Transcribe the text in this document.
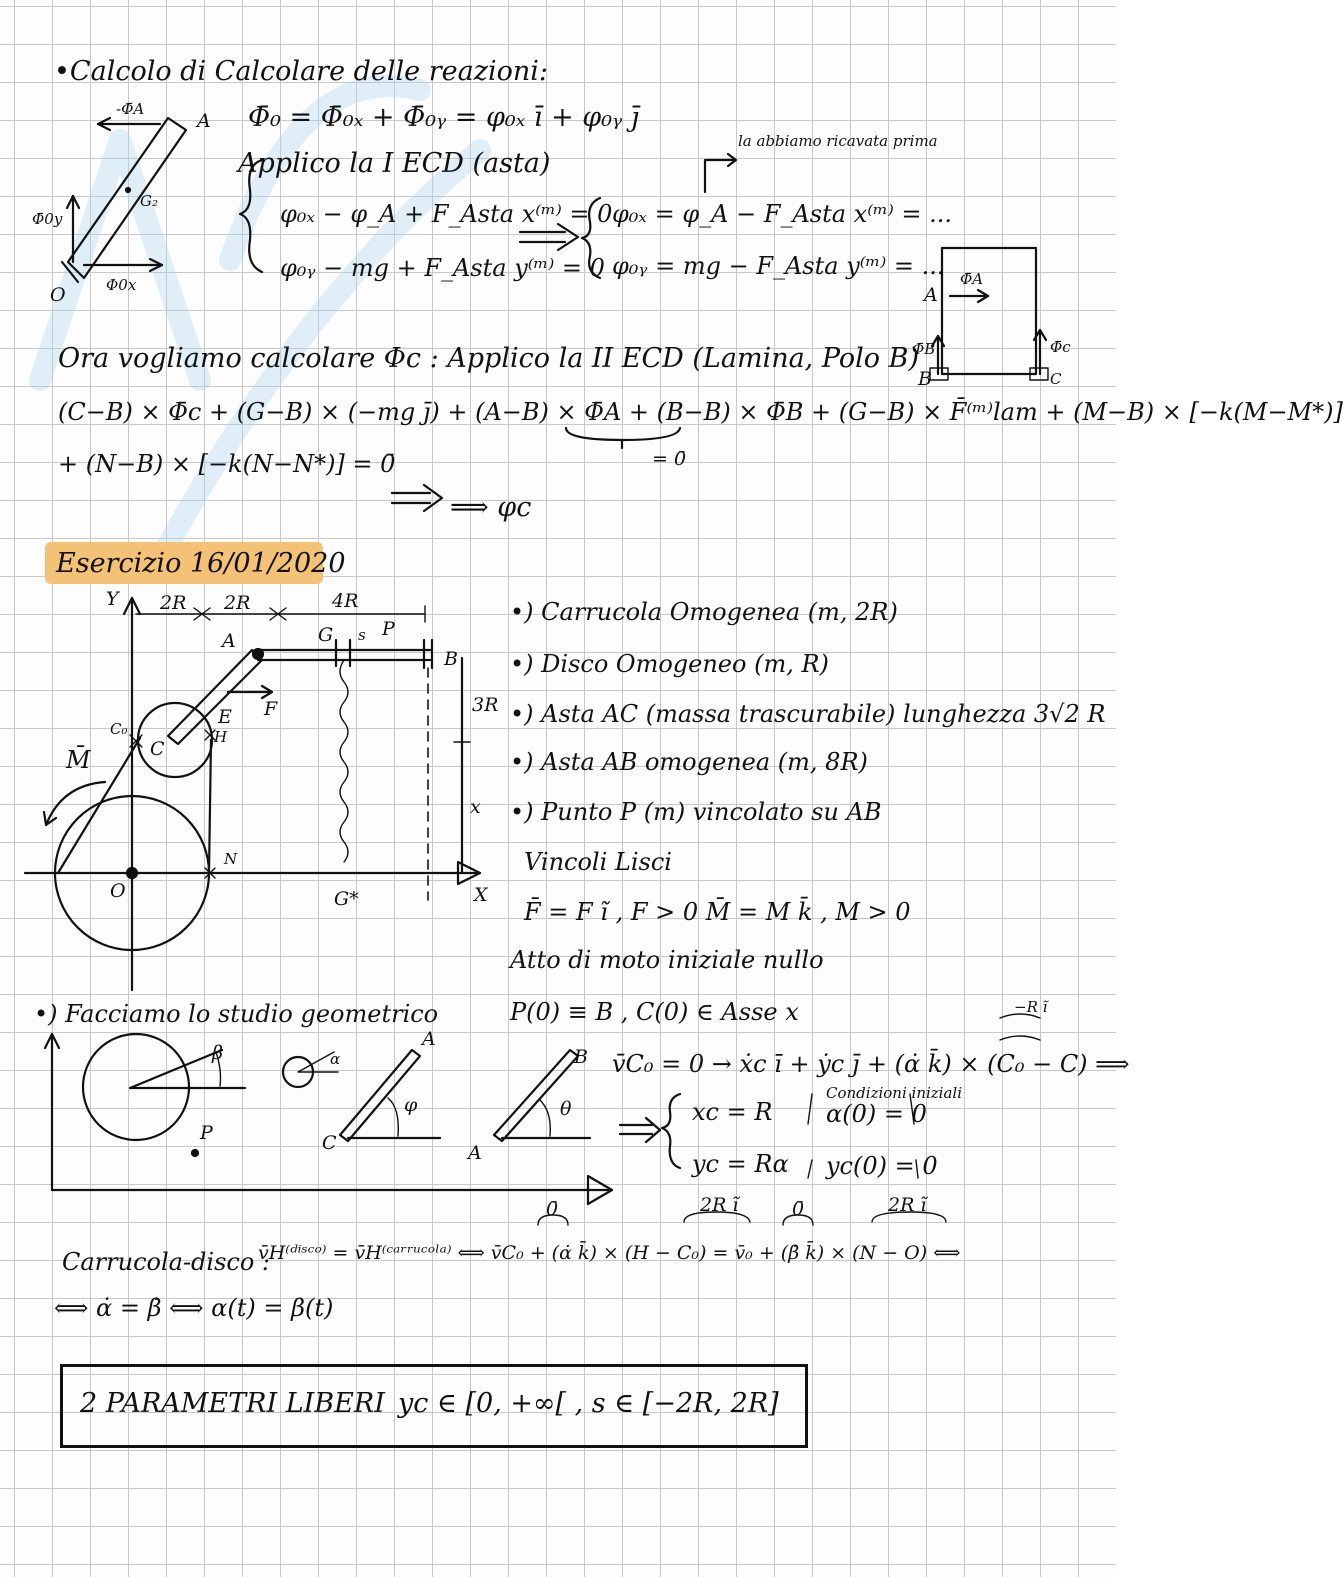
•Calcolo di Calcolare delle reazioni:
Φ̄₀ = Φ̄₀ₓ + Φ̄₀ᵧ = φ₀ₓ ī + φ₀ᵧ j̄
Applico la I ECD (asta)
φ₀ₓ − φ_A + F_Asta x⁽ᵐ⁾ = 0
φ₀ᵧ − mg + F_Asta y⁽ᵐ⁾ = 0
φ₀ₓ = φ_A − F_Asta x⁽ᵐ⁾ = ...
φ₀ᵧ = mg − F_Asta y⁽ᵐ⁾ = ...
la abbiamo ricavata prima
A
O
G₂
-Φ̄A
Φ̄0y
Φ0x	A
Φ̄A
B	C
Φ̄B	Φ̄c
Ora vogliamo calcolare Φc : Applico la II ECD (Lamina, Polo B)
(C−B) × Φ̄c + (G−B) × (−mg j̄) + (A−B) × Φ̄A + (B−B) × Φ̄B + (G−B) × F̄⁽ᵐ⁾lam + (M−B) × [−k(M−M*)]
+ (N−B) × [−k(N−N*)] = 0̄	= 0̄
⟹ φc
Esercizio 16/01/2020
Y
X
O
C
C₀	H
N
A
E F
G	P
s
B
G*
M̄
2R 2R	4R
3R
x
•) Carrucola Omogenea (m, 2R)
•) Disco Omogeneo (m, R)
•) Asta AC (massa trascurabile) lunghezza 3√2 R
•) Asta AB omogenea (m, 8R)
•) Punto P (m) vincolato su AB
Vincoli Lisci
F̄ = F ĩ , F > 0 M̄ = M k̄ , M > 0
Atto di moto iniziale nullo
P(0) ≡ B , C(0) ∈ Asse x
•) Facciamo lo studio geometrico
β
P
α
φ	θ
A
C	A
B
−R ĩ
v̄C₀ = 0 → ẋc ī + ẏc j̄ + (α̇ k̄) × (C₀ − C) ⟹
xc = R
yc = Rα
Condizioni iniziali
α(0) = 0
yc(0) = 0
0̄	2R ĩ	0̄	2R ĩ
Carrucola-disco :
v̄H⁽ᵈⁱˢᶜᵒ⁾ = v̄H⁽ᶜᵃʳʳᵘᶜᵒˡᵃ⁾ ⟺ v̄C₀ + (α̇ k̄) × (H − C₀) = v̄₀ + (β̇ k̄) × (N − O) ⟺
⟺ α̇ = β̇ ⟺ α(t) = β(t)
2 PARAMETRI LIBERI yc ∈ [0, +∞[ , s ∈ [−2R, 2R]
